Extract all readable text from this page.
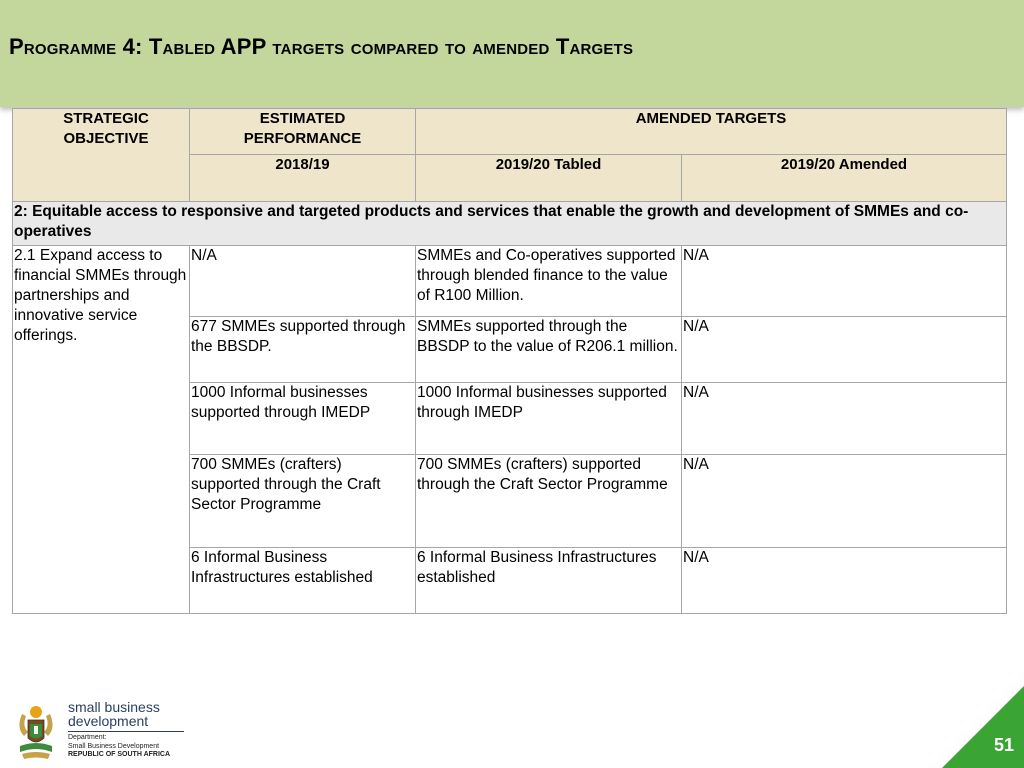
Programme 4: Tabled APP targets compared to amended Targets
STRATEGIC OBJECTIVE	ESTIMATED PERFORMANCE	AMENDED TARGETS	
	2018/19	2019/20 Tabled	2019/20 Amended
2: Equitable access to responsive and targeted products and services that enable the growth and development of SMMEs and co-operatives			
2.1 Expand access to financial SMMEs through partnerships and innovative service offerings.	N/A	SMMEs and Co-operatives supported through blended finance to the value of R100 Million.	N/A
	677 SMMEs supported through the BBSDP.	SMMEs supported through the BBSDP to the value of R206.1 million.	N/A
	1000 Informal businesses supported through IMEDP	1000 Informal businesses supported through IMEDP	N/A
	700 SMMEs (crafters) supported through the Craft Sector Programme	700 SMMEs (crafters) supported through the Craft Sector Programme	N/A
	6 Informal Business Infrastructures established	6 Informal Business Infrastructures established	N/A
small business
development
Department:
Small Business Development
REPUBLIC OF SOUTH AFRICA	51
